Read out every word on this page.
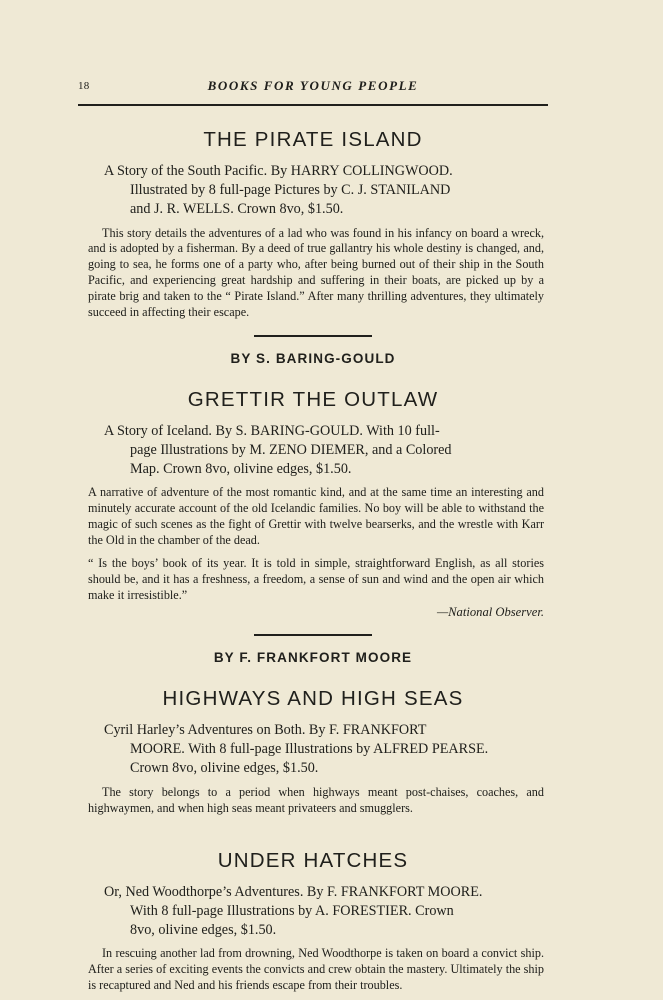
18	BOOKS FOR YOUNG PEOPLE
THE PIRATE ISLAND

A Story of the South Pacific. By HARRY COLLINGWOOD.
Illustrated by 8 full-page Pictures by C. J. STANILAND
and J. R. WELLS. Crown 8vo, $1.50.

This story details the adventures of a lad who was found in his infancy on board a wreck, and is adopted by a fisherman. By a deed of true gallantry his whole destiny is changed, and, going to sea, he forms one of a party who, after being burned out of their ship in the South Pacific, and experiencing great hardship and suffering in their boats, are picked up by a pirate brig and taken to the “ Pirate Island.” After many thrilling adventures, they ultimately succeed in affecting their escape.

BY S. BARING-GOULD
GRETTIR THE OUTLAW

A Story of Iceland. By S. BARING-GOULD. With 10 full-
page Illustrations by M. ZENO DIEMER, and a Colored
Map. Crown 8vo, olivine edges, $1.50.

A narrative of adventure of the most romantic kind, and at the same time an interesting and minutely accurate account of the old Icelandic families. No boy will be able to withstand the magic of such scenes as the fight of Grettir with twelve bearserks, and the wrestle with Karr the Old in the chamber of the dead.

“ Is the boys’ book of its year. It is told in simple, straightforward English, as all stories should be, and it has a freshness, a freedom, a sense of sun and wind and the open air which make it irresistible.”

—National Observer.

BY F. FRANKFORT MOORE
HIGHWAYS AND HIGH SEAS

Cyril Harley’s Adventures on Both. By F. FRANKFORT
MOORE. With 8 full-page Illustrations by ALFRED PEARSE.
Crown 8vo, olivine edges, $1.50.

The story belongs to a period when highways meant post-chaises, coaches, and highwaymen, and when high seas meant privateers and smugglers.

UNDER HATCHES

Or, Ned Woodthorpe’s Adventures. By F. FRANKFORT MOORE.
With 8 full-page Illustrations by A. FORESTIER. Crown
8vo, olivine edges, $1.50.

In rescuing another lad from drowning, Ned Woodthorpe is taken on board a convict ship. After a series of exciting events the convicts and crew obtain the mastery. Ultimately the ship is recaptured and Ned and his friends escape from their troubles.
